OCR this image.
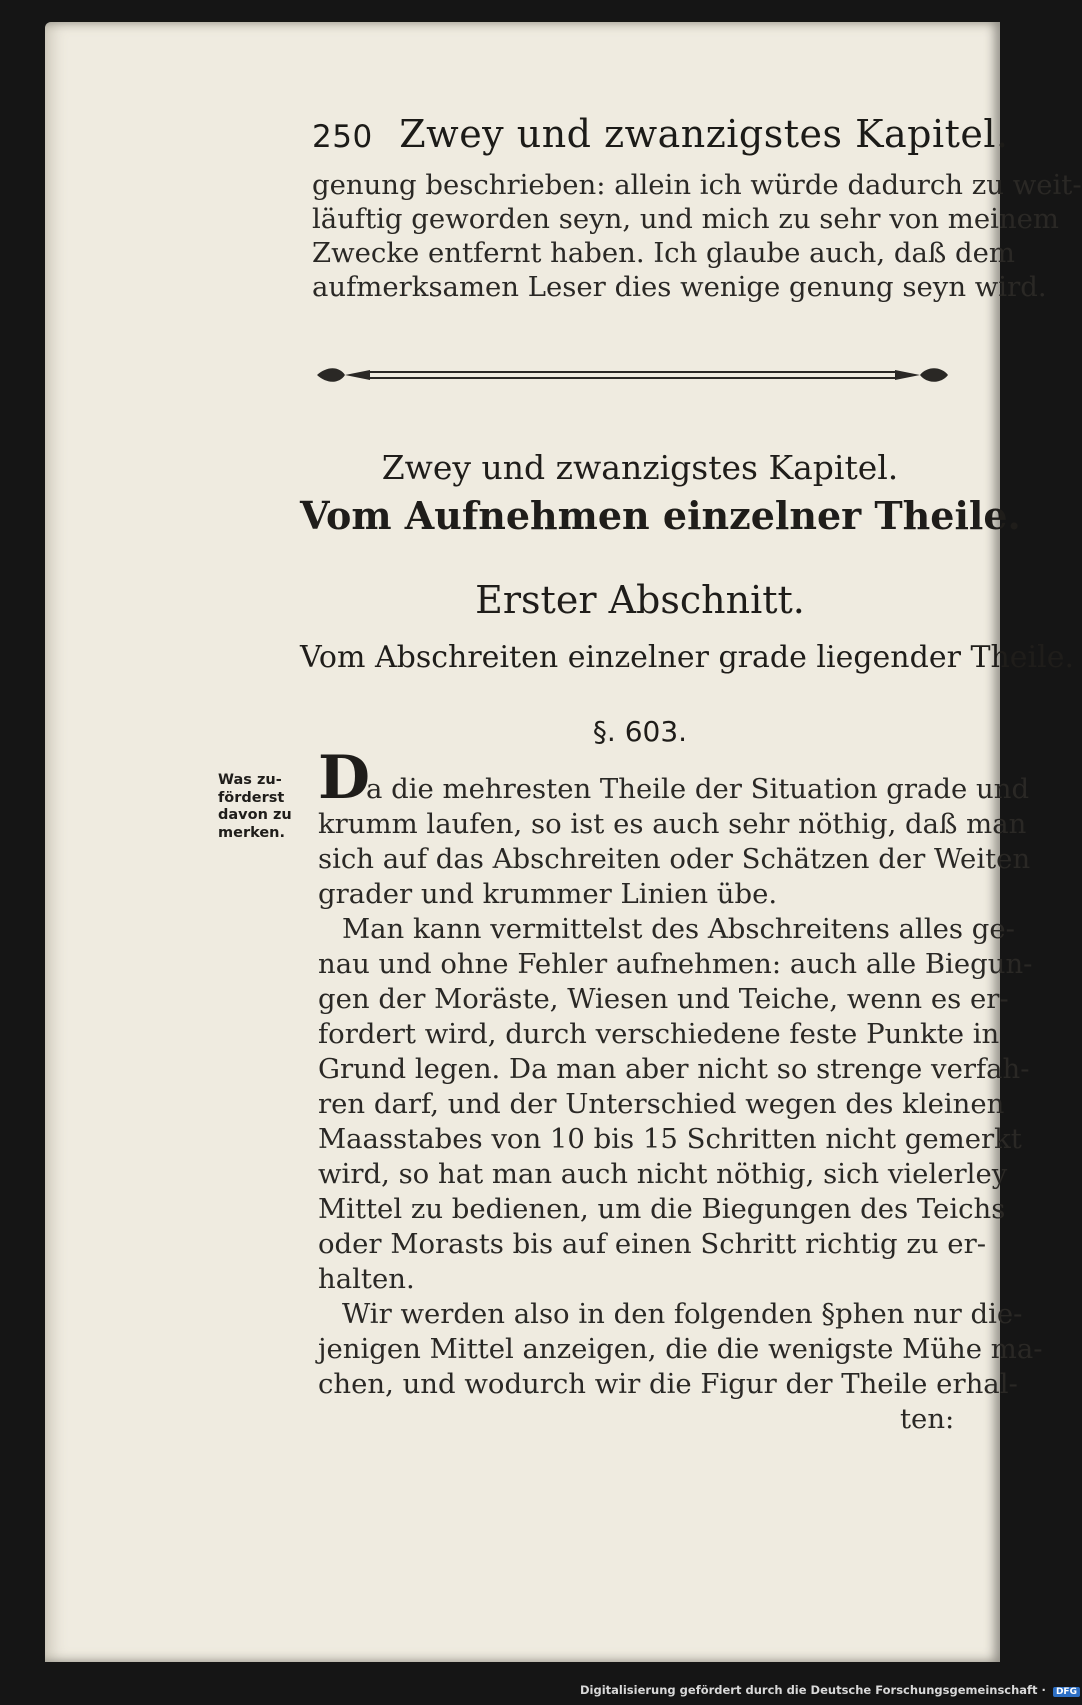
250 Zwey und zwanzigstes Kapitel.
genung beschrieben: allein ich würde dadurch zu weit-
läuftig geworden seyn, und mich zu sehr von meinem
Zwecke entfernt haben. Ich glaube auch, daß dem
aufmerksamen Leser dies wenige genung seyn wird.
Zwey und zwanzigstes Kapitel.
Vom Aufnehmen einzelner Theile.
Erster Abschnitt.
Vom Abschreiten einzelner grade liegender Theile.
§. 603.
Was zu-
förderst
davon zu
merken.
D
a die mehresten Theile der Situation grade und
krumm laufen, so ist es auch sehr nöthig, daß man
sich auf das Abschreiten oder Schätzen der Weiten
grader und krummer Linien übe.
Man kann vermittelst des Abschreitens alles ge-
nau und ohne Fehler aufnehmen: auch alle Biegun-
gen der Moräste, Wiesen und Teiche, wenn es er-
fordert wird, durch verschiedene feste Punkte in
Grund legen. Da man aber nicht so strenge verfah-
ren darf, und der Unterschied wegen des kleinen
Maasstabes von 10 bis 15 Schritten nicht gemerkt
wird, so hat man auch nicht nöthig, sich vielerley
Mittel zu bedienen, um die Biegungen des Teichs
oder Morasts bis auf einen Schritt richtig zu er-
halten.
Wir werden also in den folgenden §phen nur die-
jenigen Mittel anzeigen, die die wenigste Mühe ma-
chen, und wodurch wir die Figur der Theile erhal-
ten:
Digitalisierung gefördert durch die Deutsche Forschungsgemeinschaft · DFG
